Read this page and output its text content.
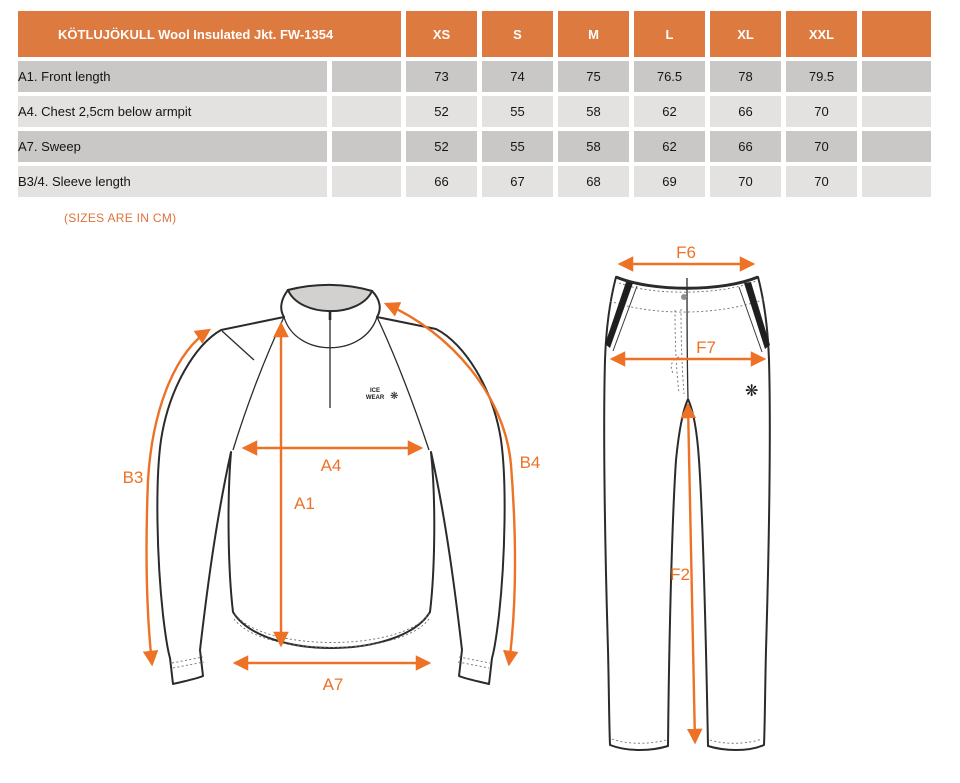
KÖTLUJÖKULL Wool Insulated Jkt. FW-1354		XS	S	M	L	XL	XXL	
A1. Front length		73	74	75	76.5	78	79.5	
A4. Chest 2,5cm below armpit		52	55	58	62	66	70	
A7. Sweep		52	55	58	62	66	70	
B3/4. Sleeve length		66	67	68	69	70	70	
(SIZES ARE IN CM)
ICE
WEAR ❋
A1
A4
A7
B3
B4
❋
F6
F7
F2
